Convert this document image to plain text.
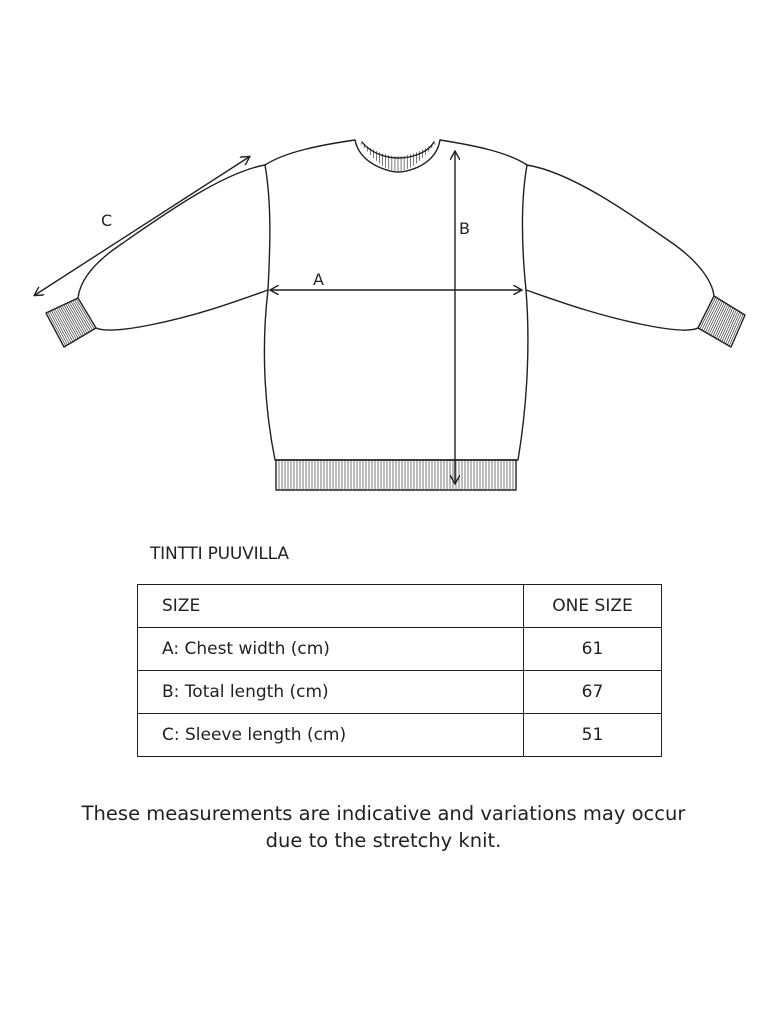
A
B
C
TINTTI PUUVILLA
SIZE	ONE SIZE
A: Chest width (cm)	61
B: Total length (cm)	67
C: Sleeve length (cm)	51
These measurements are indicative and variations may occur
due to the stretchy knit.
